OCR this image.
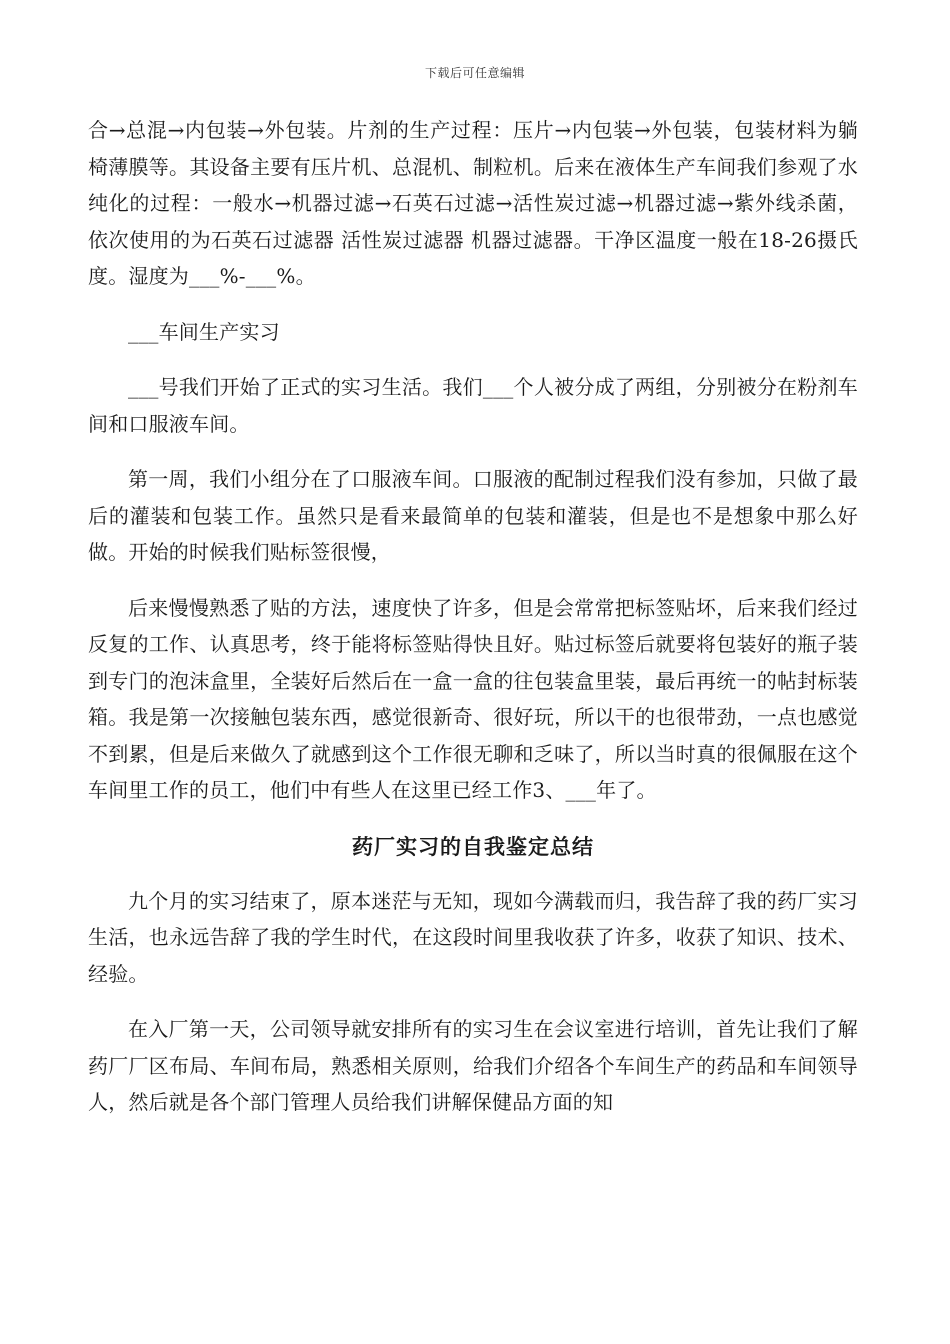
下载后可任意编辑

合→总混→内包装→外包装。片剂的生产过程：压片→内包装→外包装，包装材料为躺椅薄膜等。其设备主要有压片机、总混机、制粒机。后来在液体生产车间我们参观了水纯化的过程：一般水→机器过滤→石英石过滤→活性炭过滤→机器过滤→紫外线杀菌，依次使用的为石英石过滤器 活性炭过滤器 机器过滤器。干净区温度一般在18-26摄氏度。湿度为___%-___%。

___车间生产实习

___号我们开始了正式的实习生活。我们___个人被分成了两组，分别被分在粉剂车间和口服液车间。

第一周，我们小组分在了口服液车间。口服液的配制过程我们没有参加，只做了最后的灌装和包装工作。虽然只是看来最简单的包装和灌装，但是也不是想象中那么好做。开始的时候我们贴标签很慢，

后来慢慢熟悉了贴的方法，速度快了许多，但是会常常把标签贴坏，后来我们经过反复的工作、认真思考，终于能将标签贴得快且好。贴过标签后就要将包装好的瓶子装到专门的泡沫盒里，全装好后然后在一盒一盒的往包装盒里装，最后再统一的帖封标装箱。我是第一次接触包装东西，感觉很新奇、很好玩，所以干的也很带劲，一点也感觉不到累，但是后来做久了就感到这个工作很无聊和乏味了，所以当时真的很佩服在这个车间里工作的员工，他们中有些人在这里已经工作3、___年了。

药厂实习的自我鉴定总结

九个月的实习结束了，原本迷茫与无知，现如今满载而归，我告辞了我的药厂实习生活，也永远告辞了我的学生时代，在这段时间里我收获了许多，收获了知识、技术、经验。

在入厂第一天，公司领导就安排所有的实习生在会议室进行培训，首先让我们了解药厂厂区布局、车间布局，熟悉相关原则，给我们介绍各个车间生产的药品和车间领导人，然后就是各个部门管理人员给我们讲解保健品方面的知
